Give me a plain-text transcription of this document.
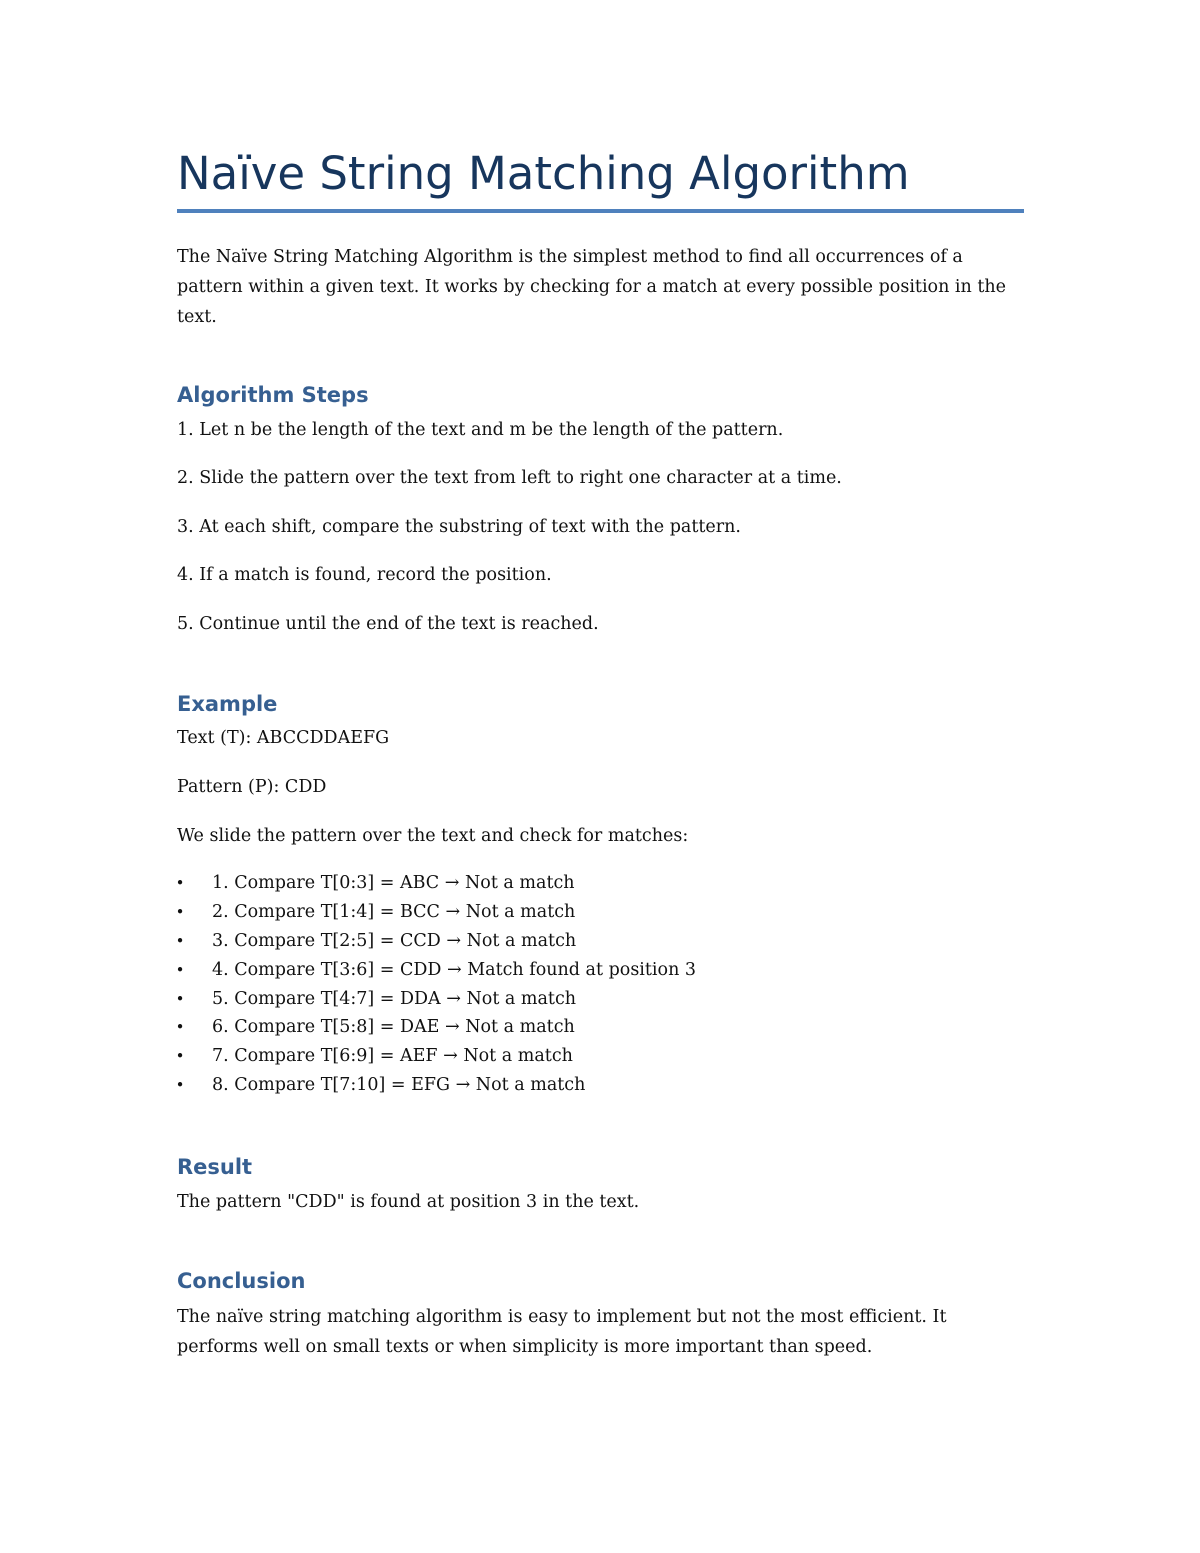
Naïve String Matching Algorithm

The Naïve String Matching Algorithm is the simplest method to find all occurrences of a pattern within a given text. It works by checking for a match at every possible position in the text.

Algorithm Steps

1. Let n be the length of the text and m be the length of the pattern.

2. Slide the pattern over the text from left to right one character at a time.

3. At each shift, compare the substring of text with the pattern.

4. If a match is found, record the position.

5. Continue until the end of the text is reached.

Example

Text (T): ABCCDDAEFG

Pattern (P): CDD

We slide the pattern over the text and check for matches:

• 1. Compare T[0:3] = ABC → Not a match
• 2. Compare T[1:4] = BCC → Not a match
• 3. Compare T[2:5] = CCD → Not a match
• 4. Compare T[3:6] = CDD → Match found at position 3
• 5. Compare T[4:7] = DDA → Not a match
• 6. Compare T[5:8] = DAE → Not a match
• 7. Compare T[6:9] = AEF → Not a match
• 8. Compare T[7:10] = EFG → Not a match
Result

The pattern "CDD" is found at position 3 in the text.

Conclusion

The naïve string matching algorithm is easy to implement but not the most efficient. It performs well on small texts or when simplicity is more important than speed.
